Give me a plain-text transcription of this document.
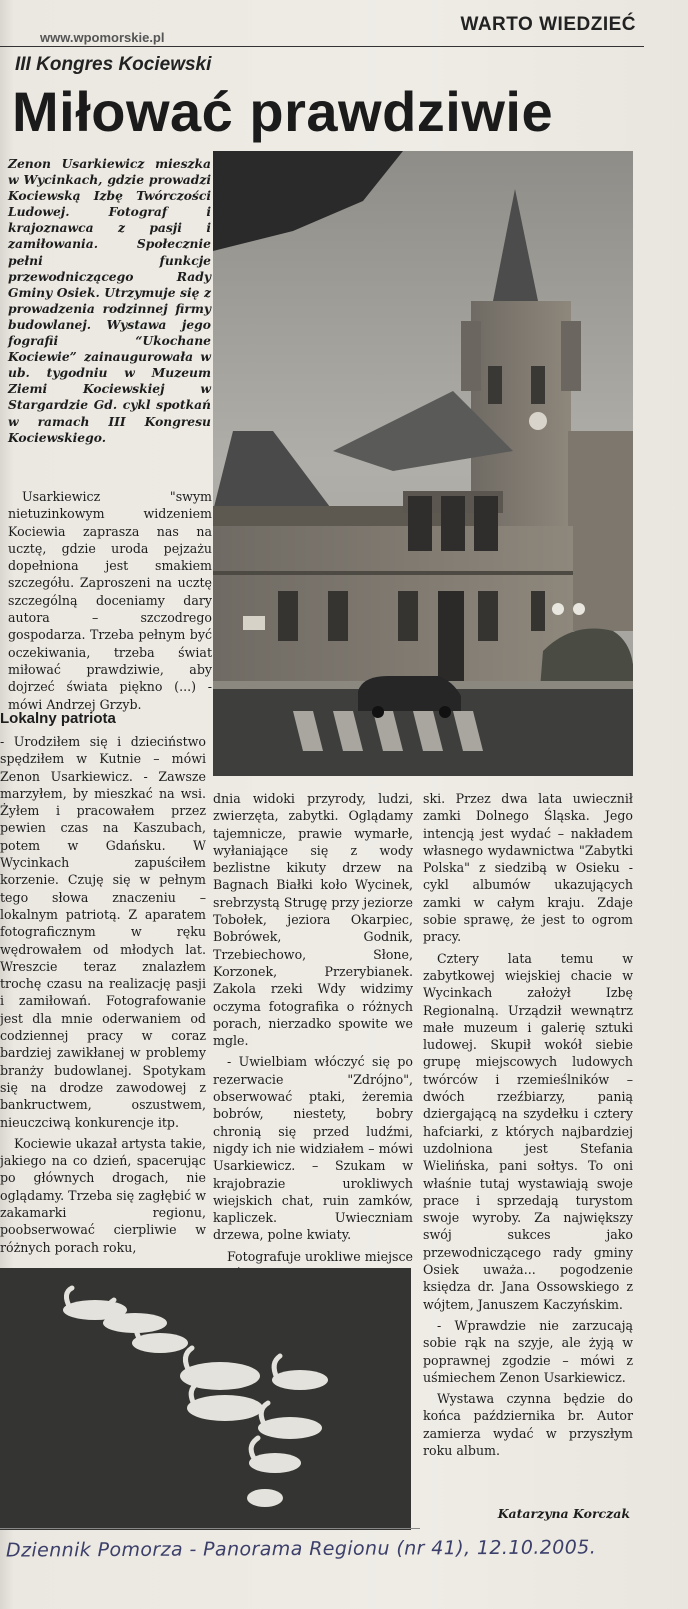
www.wpomorskie.pl
WARTO WIEDZIEĆ
III Kongres Kociewski
Miłować prawdziwie
Zenon Usarkiewicz mieszka w Wycinkach, gdzie prowadzi Kociewską Izbę Twórczości Ludowej. Fotograf i krajoznawca z pasji i zamiłowania. Społecznie pełni funkcje przewodniczącego Rady Gminy Osiek. Utrzymuje się z prowadzenia rodzinnej firmy budowlanej. Wystawa jego fografii “Ukochane Kociewie” zainaugurowała w ub. tygodniu w Muzeum Ziemi Kociewskiej w Stargardzie Gd. cykl spotkań w ramach III Kongresu Kociewskiego.

Usarkiewicz "swym nietuzinkowym widzeniem Kociewia zaprasza nas na ucztę, gdzie uroda pejzażu dopełniona jest smakiem szczegółu. Zaproszeni na ucztę szczególną doceniamy dary autora – szczodrego gospodarza. Trzeba pełnym być oczekiwania, trzeba świat miłować prawdziwie, aby dojrzeć świata piękno (...) - mówi Andrzej Grzyb.

Lokalny patriota

- Urodziłem się i dzieciństwo spędziłem w Kutnie – mówi Zenon Usarkiewicz. - Zawsze marzyłem, by mieszkać na wsi. Żyłem i pracowałem przez pewien czas na Kaszubach, potem w Gdańsku. W Wycinkach zapuściłem korzenie. Czuję się w pełnym tego słowa znaczeniu – lokalnym patriotą. Z aparatem fotograficznym w ręku wędrowałem od młodych lat. Wreszcie teraz znalazłem trochę czasu na realizację pasji i zamiłowań. Fotografowanie jest dla mnie oderwaniem od codziennej pracy w coraz bardziej zawikłanej w problemy branży budowlanej. Spotykam się na drodze zawodowej z bankructwem, oszustwem, nieuczciwą konkurencje itp.

Kociewie ukazał artysta takie, jakiego na co dzień, spacerując po głównych drogach, nie oglądamy. Trzeba się zagłębić w zakamarki regionu, poobserwować cierpliwie w różnych porach roku,

dnia widoki przyrody, ludzi, zwierzęta, zabytki. Oglądamy tajemnicze, prawie wymarłe, wyłaniające się z wody bezlistne kikuty drzew na Bagnach Białki koło Wycinek, srebrzystą Strugę przy jeziorze Tobołek, jeziora Okarpiec, Bobrówek, Godnik, Trzebiechowo, Słone, Korzonek, Przerybianek. Zakola rzeki Wdy widzimy oczyma fotografika o różnych porach, nierzadko spowite we mgle.

- Uwielbiam włóczyć się po rezerwacie "Zdrójno", obserwować ptaki, żeremia bobrów, niestety, bobry chronią się przed ludźmi, nigdy ich nie widziałem – mówi Usarkiewicz. – Szukam w krajobrazie urokliwych wiejskich chat, ruin zamków, kapliczek. Uwieczniam drzewa, polne kwiaty.

Fotografuje urokliwe miejsce

ski. Przez dwa lata uwiecznił zamki Dolnego Śląska. Jego intencją jest wydać – nakładem własnego wydawnictwa "Zabytki Polska" z siedzibą w Osieku - cykl albumów ukazujących zamki w całym kraju. Zdaje sobie sprawę, że jest to ogrom pracy.

Cztery lata temu w zabytkowej wiejskiej chacie w Wycinkach założył Izbę Regionalną. Urządził wewnątrz małe muzeum i galerię sztuki ludowej. Skupił wokół siebie grupę miejscowych ludowych twórców i rzemieślników – dwóch rzeźbiarzy, panią dziergającą na szydełku i cztery hafciarki, z których najbardziej uzdolniona jest Stefania Wielińska, pani sołtys. To oni właśnie tutaj wystawiają swoje prace i sprzedają turystom swoje wyroby. Za największy swój sukces jako przewodniczącego rady gminy Osiek uważa... pogodzenie księdza dr. Jana Ossowskiego z wójtem, Januszem Kaczyńskim.

- Wprawdzie nie zarzucają sobie rąk na szyje, ale żyją w poprawnej zgodzie – mówi z uśmiechem Zenon Usarkiewicz.

Wystawa czynna będzie do końca października br. Autor zamierza wydać w przyszłym roku album.

Katarzyna Korczak
Dziennik Pomorza - Panorama Regionu (nr 41), 12.10.2005.
